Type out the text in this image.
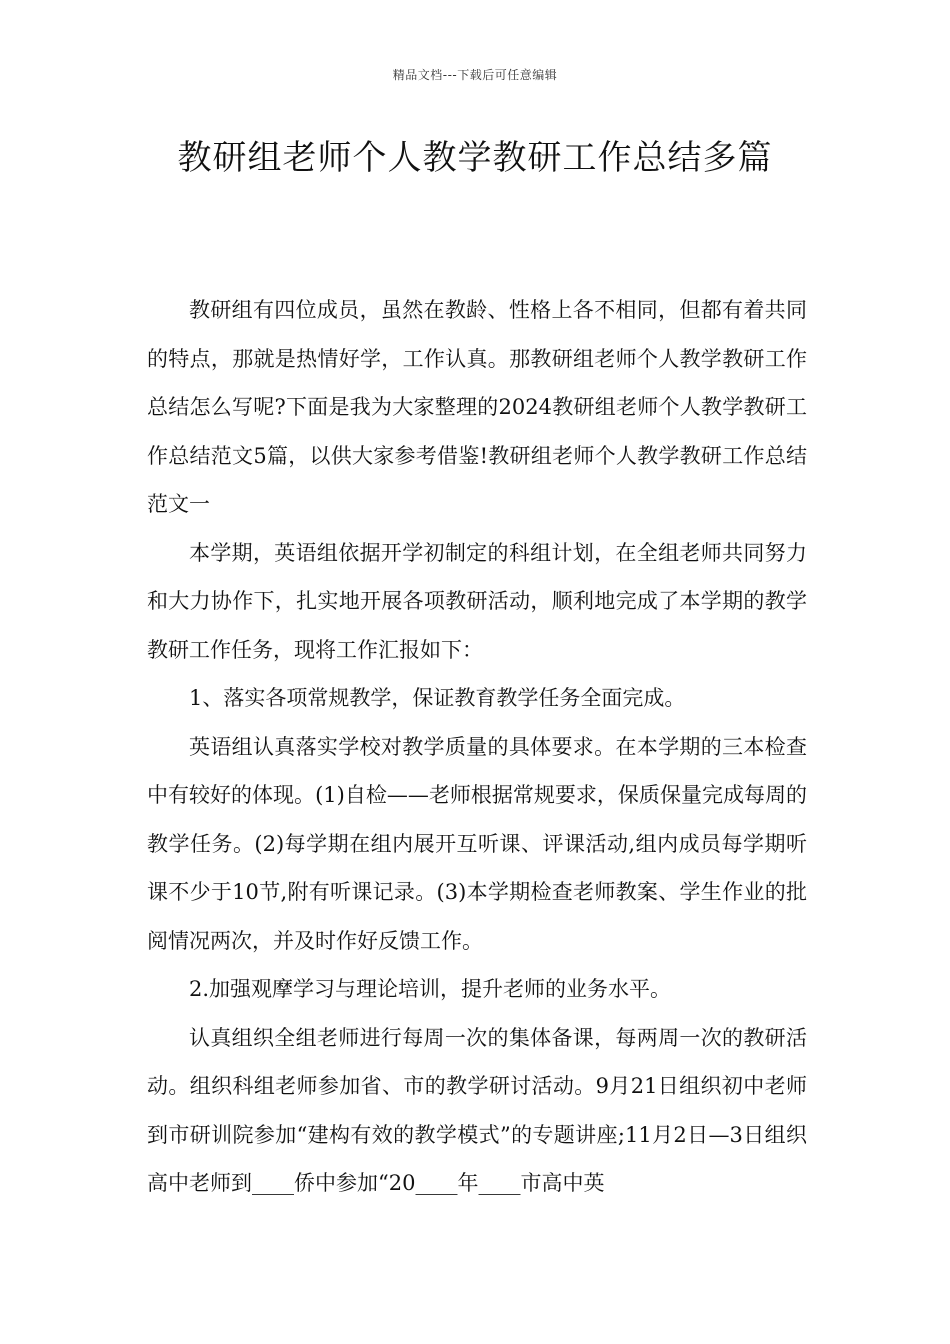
精品文档---下载后可任意编辑
教研组老师个人教学教研工作总结多篇

教研组有四位成员，虽然在教龄、性格上各不相同，但都有着共同的特点，那就是热情好学，工作认真。那教研组老师个人教学教研工作总结怎么写呢?下面是我为大家整理的2024教研组老师个人教学教研工作总结范文5篇，以供大家参考借鉴!教研组老师个人教学教研工作总结范文一

本学期，英语组依据开学初制定的科组计划，在全组老师共同努力和大力协作下，扎实地开展各项教研活动，顺利地完成了本学期的教学教研工作任务，现将工作汇报如下：

1、落实各项常规教学，保证教育教学任务全面完成。

英语组认真落实学校对教学质量的具体要求。在本学期的三本检查中有较好的体现。(1)自检——老师根据常规要求，保质保量完成每周的教学任务。(2)每学期在组内展开互听课、评课活动,组内成员每学期听课不少于10节,附有听课记录。(3)本学期检查老师教案、学生作业的批阅情况两次，并及时作好反馈工作。

2.加强观摩学习与理论培训，提升老师的业务水平。

认真组织全组老师进行每周一次的集体备课，每两周一次的教研活动。组织科组老师参加省、市的教学研讨活动。9月21日组织初中老师到市研训院参加“建构有效的教学模式”的专题讲座;11月2日—3日组织高中老师到____侨中参加“20____年____市高中英
